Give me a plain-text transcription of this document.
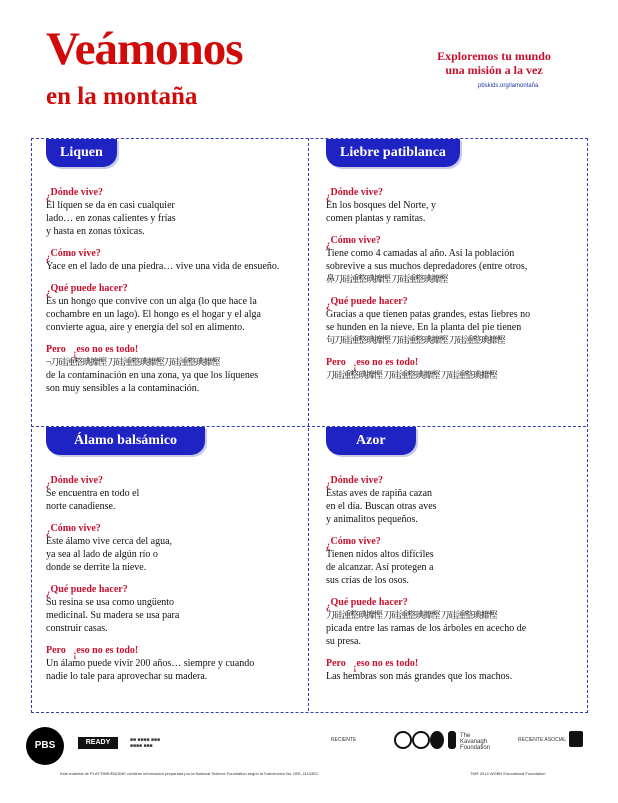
Veámonos
en la montaña
Exploremos tu mundo
una misión a la vez
pbskids.org/lamontaña
Liquen
¿Dónde vive?
El líquen se da en casi cualquier
lado… en zonas calientes y frías
y hasta en zonas tóxicas.
¿Cómo vive?
Yace en el lado de una piedra… vive una vida de ensueño.
¿Qué puede hacer?
Es un hongo que convive con un alga (lo que hace la
cochambre en un lago). El hongo es el hogar y el alga
convierte agua, aire y energía del sol en alimento.
Pero ¡eso no es todo!
¬刀硅湩整琠攠慳 刀硅湩整琠攠慳刀硅湩整琠攠慳
de la contaminación en una zona, ya que los líquenes
son muy sensibles a la contaminación.
Liebre patiblanca
¿Dónde vive?
En los bosques del Norte, y
comen plantas y ramitas.
¿Cómo vive?
Tiene como 4 camadas al año. Así la población
sobrevive a sus muchos depredadores (entre otros,
鼻刀硅湩整琠攠慳 刀硅湩整琠攠慳
¿Qué puede hacer?
Gracias a que tienen patas grandes, estas liebres no
se hunden en la nieve. En la planta del pie tienen
句刀硅湩整琠攠慳 刀硅湩整琠攠慳 刀硅湩整琠攠慳
Pero ¡eso no es todo!
刀硅湩整琠攠慳 刀硅湩整琠攠慳 刀硅湩整琠攠慳
Álamo balsámico
¿Dónde vive?
Se encuentra en todo el
norte canadiense.
¿Cómo vive?
Este álamo vive cerca del agua,
ya sea al lado de algún río o
donde se derrite la nieve.
¿Qué puede hacer?
Su resina se usa como ungüento
medicinal. Su madera se usa para
construir casas.
Pero ¡eso no es todo!
Un álamo puede vivir 200 años… siempre y cuando
nadie lo tale para aprovechar su madera.
Azor
¿Dónde vive?
Estas aves de rapiña cazan
en el día. Buscan otras aves
y animalitos pequeños.
¿Cómo vive?
Tienen nidos altos difíciles
de alcanzar. Así protegen a
sus crías de los osos.
¿Qué puede hacer?
刀硅湩整琠攠慳 刀硅湩整琠攠慳 刀硅湩整琠攠慳
picada entre las ramas de los árboles en acecho de
su presa.
Pero ¡eso no es todo!
Las hembras son más grandes que los machos.
PBS KIDS
READY	■■ ■■■■ ■■■ ■■■■ ■■■
RECIENTE
The
Kavanagh
Foundation
RECIENTE ASOCIAL
Este material de PLAYTIME/ENGINE contiene información preparada por la National Science Foundation según la Subvención No. DRL-1114352.	TM® 2014 WGBH Educational Foundation
